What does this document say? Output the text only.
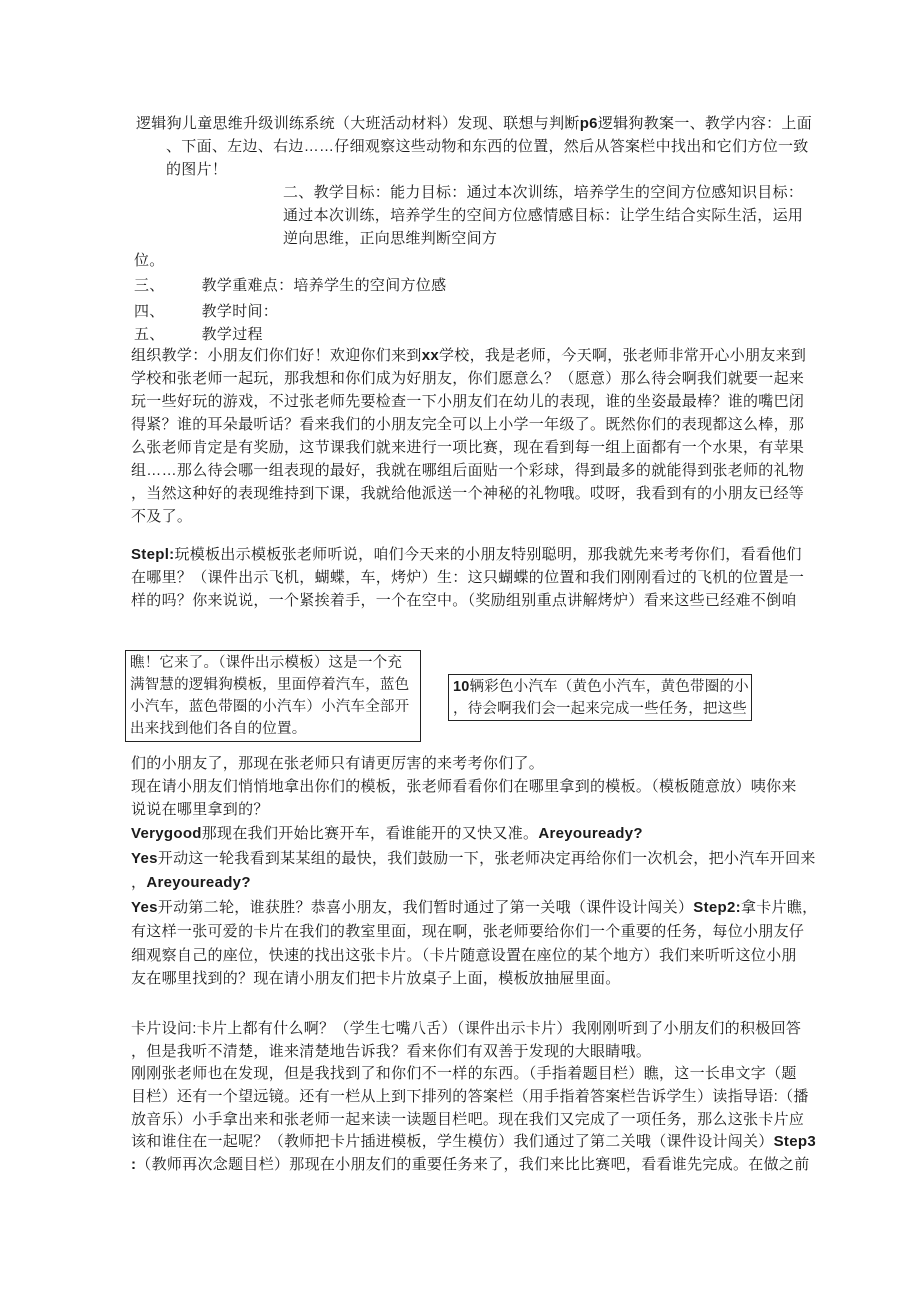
逻辑狗儿童思维升级训练系统（大班活动材料）发现、联想与判断p6逻辑狗教案一、教学内容：上面
、下面、左边、右边……仔细观察这些动物和东西的位置，然后从答案栏中找出和它们方位一致
的图片！
二、教学目标：能力目标：通过本次训练，培养学生的空间方位感知识目标：
通过本次训练，培养学生的空间方位感情感目标：让学生结合实际生活，运用
逆向思维，正向思维判断空间方
位。
三、 教学重难点：培养学生的空间方位感
四、 教学时间：
五、 教学过程
组织教学：小朋友们你们好！欢迎你们来到xx学校，我是老师，今天啊，张老师非常开心小朋友来到
学校和张老师一起玩，那我想和你们成为好朋友，你们愿意么？（愿意）那么待会啊我们就要一起来
玩一些好玩的游戏，不过张老师先要检查一下小朋友们在幼儿的表现，谁的坐姿最最棒？谁的嘴巴闭
得紧？谁的耳朵最听话？看来我们的小朋友完全可以上小学一年级了。既然你们的表现都这么棒，那
么张老师肯定是有奖励，这节课我们就来进行一项比赛，现在看到每一组上面都有一个水果，有苹果
组……那么待会哪一组表现的最好，我就在哪组后面贴一个彩球，得到最多的就能得到张老师的礼物
，当然这种好的表现维持到下课，我就给他派送一个神秘的礼物哦。哎呀，我看到有的小朋友已经等
不及了。
Stepl:玩模板出示模板张老师听说，咱们今天来的小朋友特别聪明，那我就先来考考你们，看看他们
在哪里？（课件出示飞机，蝴蝶，车，烤炉）生：这只蝴蝶的位置和我们刚刚看过的飞机的位置是一
样的吗？你来说说，一个紧挨着手，一个在空中。（奖励组别重点讲解烤炉）看来这些已经难不倒咱
们的小朋友了，那现在张老师只有请更厉害的来考考你们了。
现在请小朋友们悄悄地拿出你们的模板，张老师看看你们在哪里拿到的模板。（模板随意放）咦你来
说说在哪里拿到的？
Verygood那现在我们开始比赛开车，看谁能开的又快又准。Areyouready?
Yes开动这一轮我看到某某组的最快，我们鼓励一下，张老师决定再给你们一次机会，把小汽车开回来
，Areyouready?
Yes开动第二轮，谁获胜？恭喜小朋友，我们暂时通过了第一关哦（课件设计闯关）Step2:拿卡片瞧，
有这样一张可爱的卡片在我们的教室里面，现在啊，张老师要给你们一个重要的任务，每位小朋友仔
细观察自己的座位，快速的找出这张卡片。（卡片随意设置在座位的某个地方）我们来听听这位小朋
友在哪里找到的？现在请小朋友们把卡片放桌子上面，模板放抽屉里面。
卡片设问:卡片上都有什么啊？（学生七嘴八舌）（课件出示卡片）我刚刚听到了小朋友们的积极回答
，但是我听不清楚，谁来清楚地告诉我？看来你们有双善于发现的大眼睛哦。
刚刚张老师也在发现，但是我找到了和你们不一样的东西。（手指着题目栏）瞧，这一长串文字（题
目栏）还有一个望远镜。还有一栏从上到下排列的答案栏（用手指着答案栏告诉学生）读指导语:（播
放音乐）小手拿出来和张老师一起来读一读题目栏吧。现在我们又完成了一项任务，那么这张卡片应
该和谁住在一起呢？（教师把卡片插进模板，学生模仿）我们通过了第二关哦（课件设计闯关）Step3
:（教师再次念题目栏）那现在小朋友们的重要任务来了，我们来比比赛吧，看看谁先完成。在做之前
瞧！它来了。（课件出示模板）这是一个充
满智慧的逻辑狗模板，里面停着汽车，蓝色
小汽车，蓝色带圈的小汽车）小汽车全部开
出来找到他们各自的位置。
10辆彩色小汽车（黄色小汽车，黄色带圈的小
，待会啊我们会一起来完成一些任务，把这些
